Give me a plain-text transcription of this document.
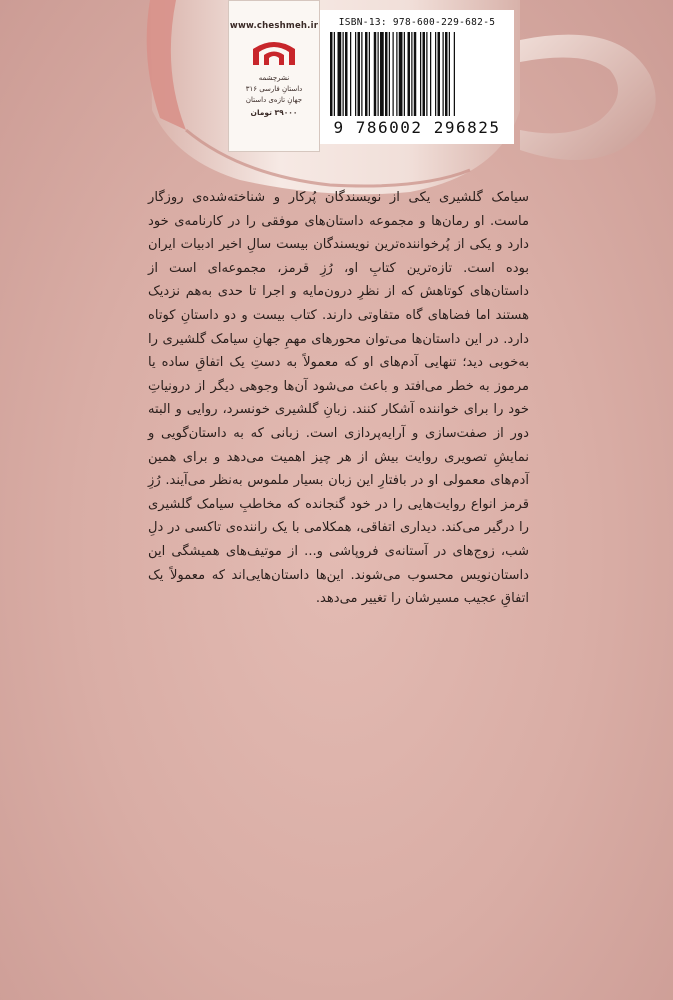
www.cheshmeh.ir
نشرچشمه
داستانِ فارسی ۳۱۶
جهانِ تازه‌ی داستان
۳۹۰۰۰ تومان
ISBN-13: 978-600-229-682-5
9 786002 296825

سیامک گلشیری یکی از نویسندگان پُرکار و شناخته‌شده‌ی روزگار ماست. او رمان‌ها و مجموعه داستان‌های موفقی را در کارنامه‌ی خود دارد و یکی از پُرخواننده‌ترین نویسندگان بیست سالِ اخیر ادبیات ایران بوده است. تازه‌ترین کتابِ او، رُزِ قرمز، مجموعه‌ای است از داستان‌های کوتاهش که از نظرِ درون‌مایه و اجرا تا حدی به‌هم نزدیک هستند اما فضاهای گاه متفاوتی دارند. کتاب بیست و دو داستانِ کوتاه دارد. در این داستان‌ها می‌توان محورهای مهمِ جهانِ سیامک گلشیری را به‌خوبی دید؛ تنهایی آدم‌های او که معمولاً به دستِ یک اتفاقِ ساده یا مرموز به خطر می‌افتد و باعث می‌شود آن‌ها وجوهی دیگر از درونیاتِ خود را برای خواننده آشکار کنند. زبانِ گلشیری خونسرد، روایی و البته دور از صفت‌سازی و آرایه‌پردازی است. زبانی که به داستان‌گویی و نمایشِ تصویری روایت بیش از هر چیز اهمیت می‌دهد و برای همین آدم‌های معمولی او در بافتارِ این زبان بسیار ملموس به‌نظر می‌آیند. رُزِ قرمز انواع روایت‌هایی را در خود گنجانده که مخاطبِ سیامک گلشیری را درگیر می‌کند. دیداری اتفاقی، همکلامی با یک راننده‌ی تاکسی در دلِ شب، زوج‌های در آستانه‌ی فروپاشی و... از موتیف‌های همیشگی این داستان‌نویس محسوب می‌شوند. این‌ها داستان‌هایی‌اند که معمولاً یک اتفاقِ عجیب مسیرشان را تغییر می‌دهد.
